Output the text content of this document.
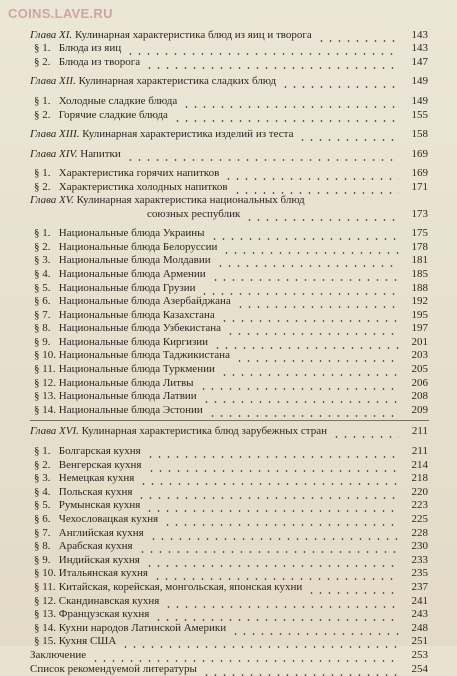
COINS.LAVE.RU
Глава XI. Кулинарная характеристика блюд из яиц и творога	143
§ 1. Блюда из яиц	143
§ 2. Блюда из творога	147
Глава XII. Кулинарная характеристика сладких блюд	149
§ 1. Холодные сладкие блюда	149
§ 2. Горячие сладкие блюда	155
Глава XIII. Кулинарная характеристика изделий из теста	158
Глава XIV. Напитки	169
§ 1. Характеристика горячих напитков	169
§ 2. Характеристика холодных напитков	171
Глава XV. Кулинарная характеристика национальных блюд
союзных республик	173
§ 1. Национальные блюда Украины	175
§ 2. Национальные блюда Белоруссии	178
§ 3. Национальные блюда Молдавии	181
§ 4. Национальные блюда Армении	185
§ 5. Национальные блюда Грузии	188
§ 6. Национальные блюда Азербайджана	192
§ 7. Национальные блюда Казахстана	195
§ 8. Национальные блюда Узбекистана	197
§ 9. Национальные блюда Киргизии	201
§ 10. Национальные блюда Таджикистана	203
§ 11. Национальные блюда Туркмении	205
§ 12. Национальные блюда Литвы	206
§ 13. Национальные блюда Латвии	208
§ 14. Национальные блюда Эстонии	209
Глава XVI. Кулинарная характеристика блюд зарубежных стран	211
§ 1. Болгарская кухня	211
§ 2. Венгерская кухня	214
§ 3. Немецкая кухня	218
§ 4. Польская кухня	220
§ 5. Румынская кухня	223
§ 6. Чехословацкая кухня	225
§ 7. Английская кухня	228
§ 8. Арабская кухня	230
§ 9. Индийская кухня	233
§ 10. Итальянская кухня	235
§ 11. Китайская, корейская, монгольская, японская кухни	237
§ 12. Скандинавская кухня	241
§ 13. Французская кухня	243
§ 14. Кухни народов Латинской Америки	248
§ 15. Кухня США	251
Заключение	253
Список рекомендуемой литературы	254
